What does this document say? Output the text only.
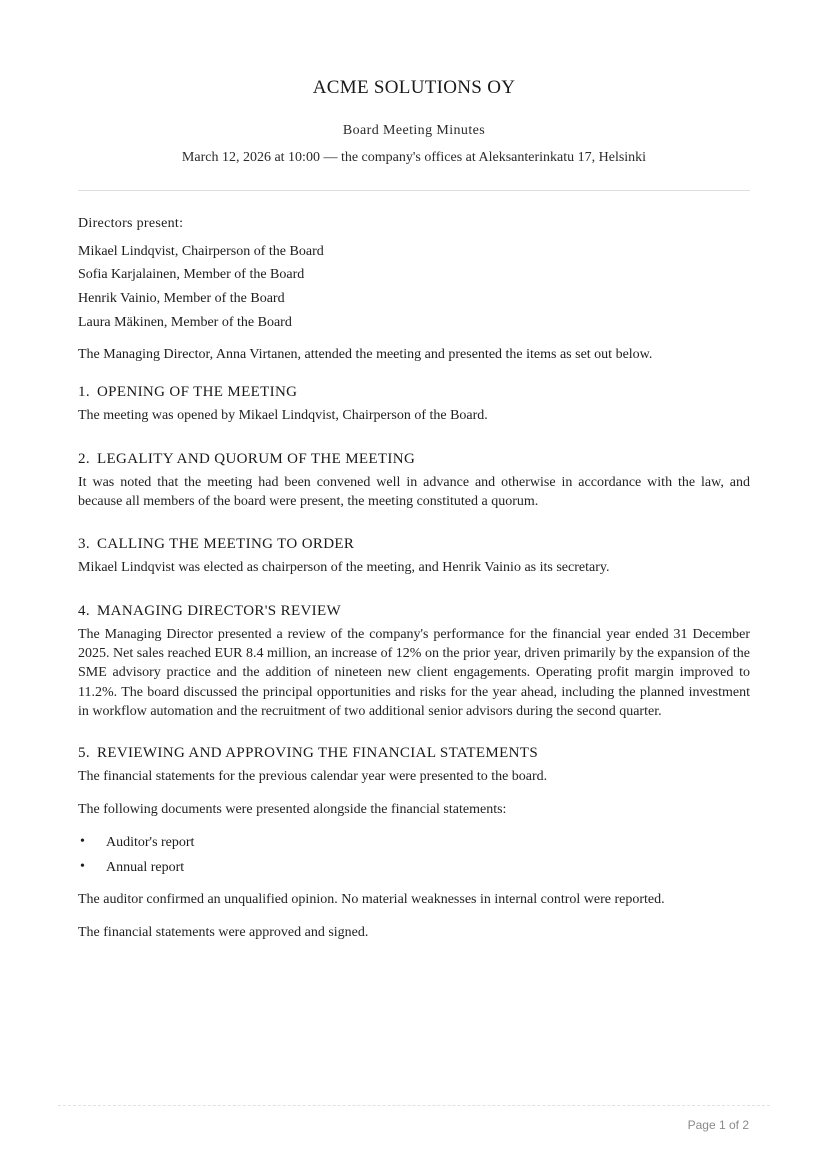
ACME SOLUTIONS OY
Board Meeting Minutes
March 12, 2026 at 10:00 — the company's offices at Aleksanterinkatu 17, Helsinki
Directors present:
Mikael Lindqvist, Chairperson of the Board
Sofia Karjalainen, Member of the Board
Henrik Vainio, Member of the Board
Laura Mäkinen, Member of the Board
The Managing Director, Anna Virtanen, attended the meeting and presented the items as set out below.
1. OPENING OF THE MEETING
The meeting was opened by Mikael Lindqvist, Chairperson of the Board.
2. LEGALITY AND QUORUM OF THE MEETING
It was noted that the meeting had been convened well in advance and otherwise in accordance with the law, and because all members of the board were present, the meeting constituted a quorum.
3. CALLING THE MEETING TO ORDER
Mikael Lindqvist was elected as chairperson of the meeting, and Henrik Vainio as its secretary.
4. MANAGING DIRECTOR'S REVIEW
The Managing Director presented a review of the company's performance for the financial year ended 31 December 2025. Net sales reached EUR 8.4 million, an increase of 12% on the prior year, driven primarily by the expansion of the SME advisory practice and the addition of nineteen new client engagements. Operating profit margin improved to 11.2%. The board discussed the principal opportunities and risks for the year ahead, including the planned investment in workflow automation and the recruitment of two additional senior advisors during the second quarter.
5. REVIEWING AND APPROVING THE FINANCIAL STATEMENTS
The financial statements for the previous calendar year were presented to the board.
The following documents were presented alongside the financial statements:
• Auditor's report
• Annual report
The auditor confirmed an unqualified opinion. No material weaknesses in internal control were reported.
The financial statements were approved and signed.
Page 1 of 2
